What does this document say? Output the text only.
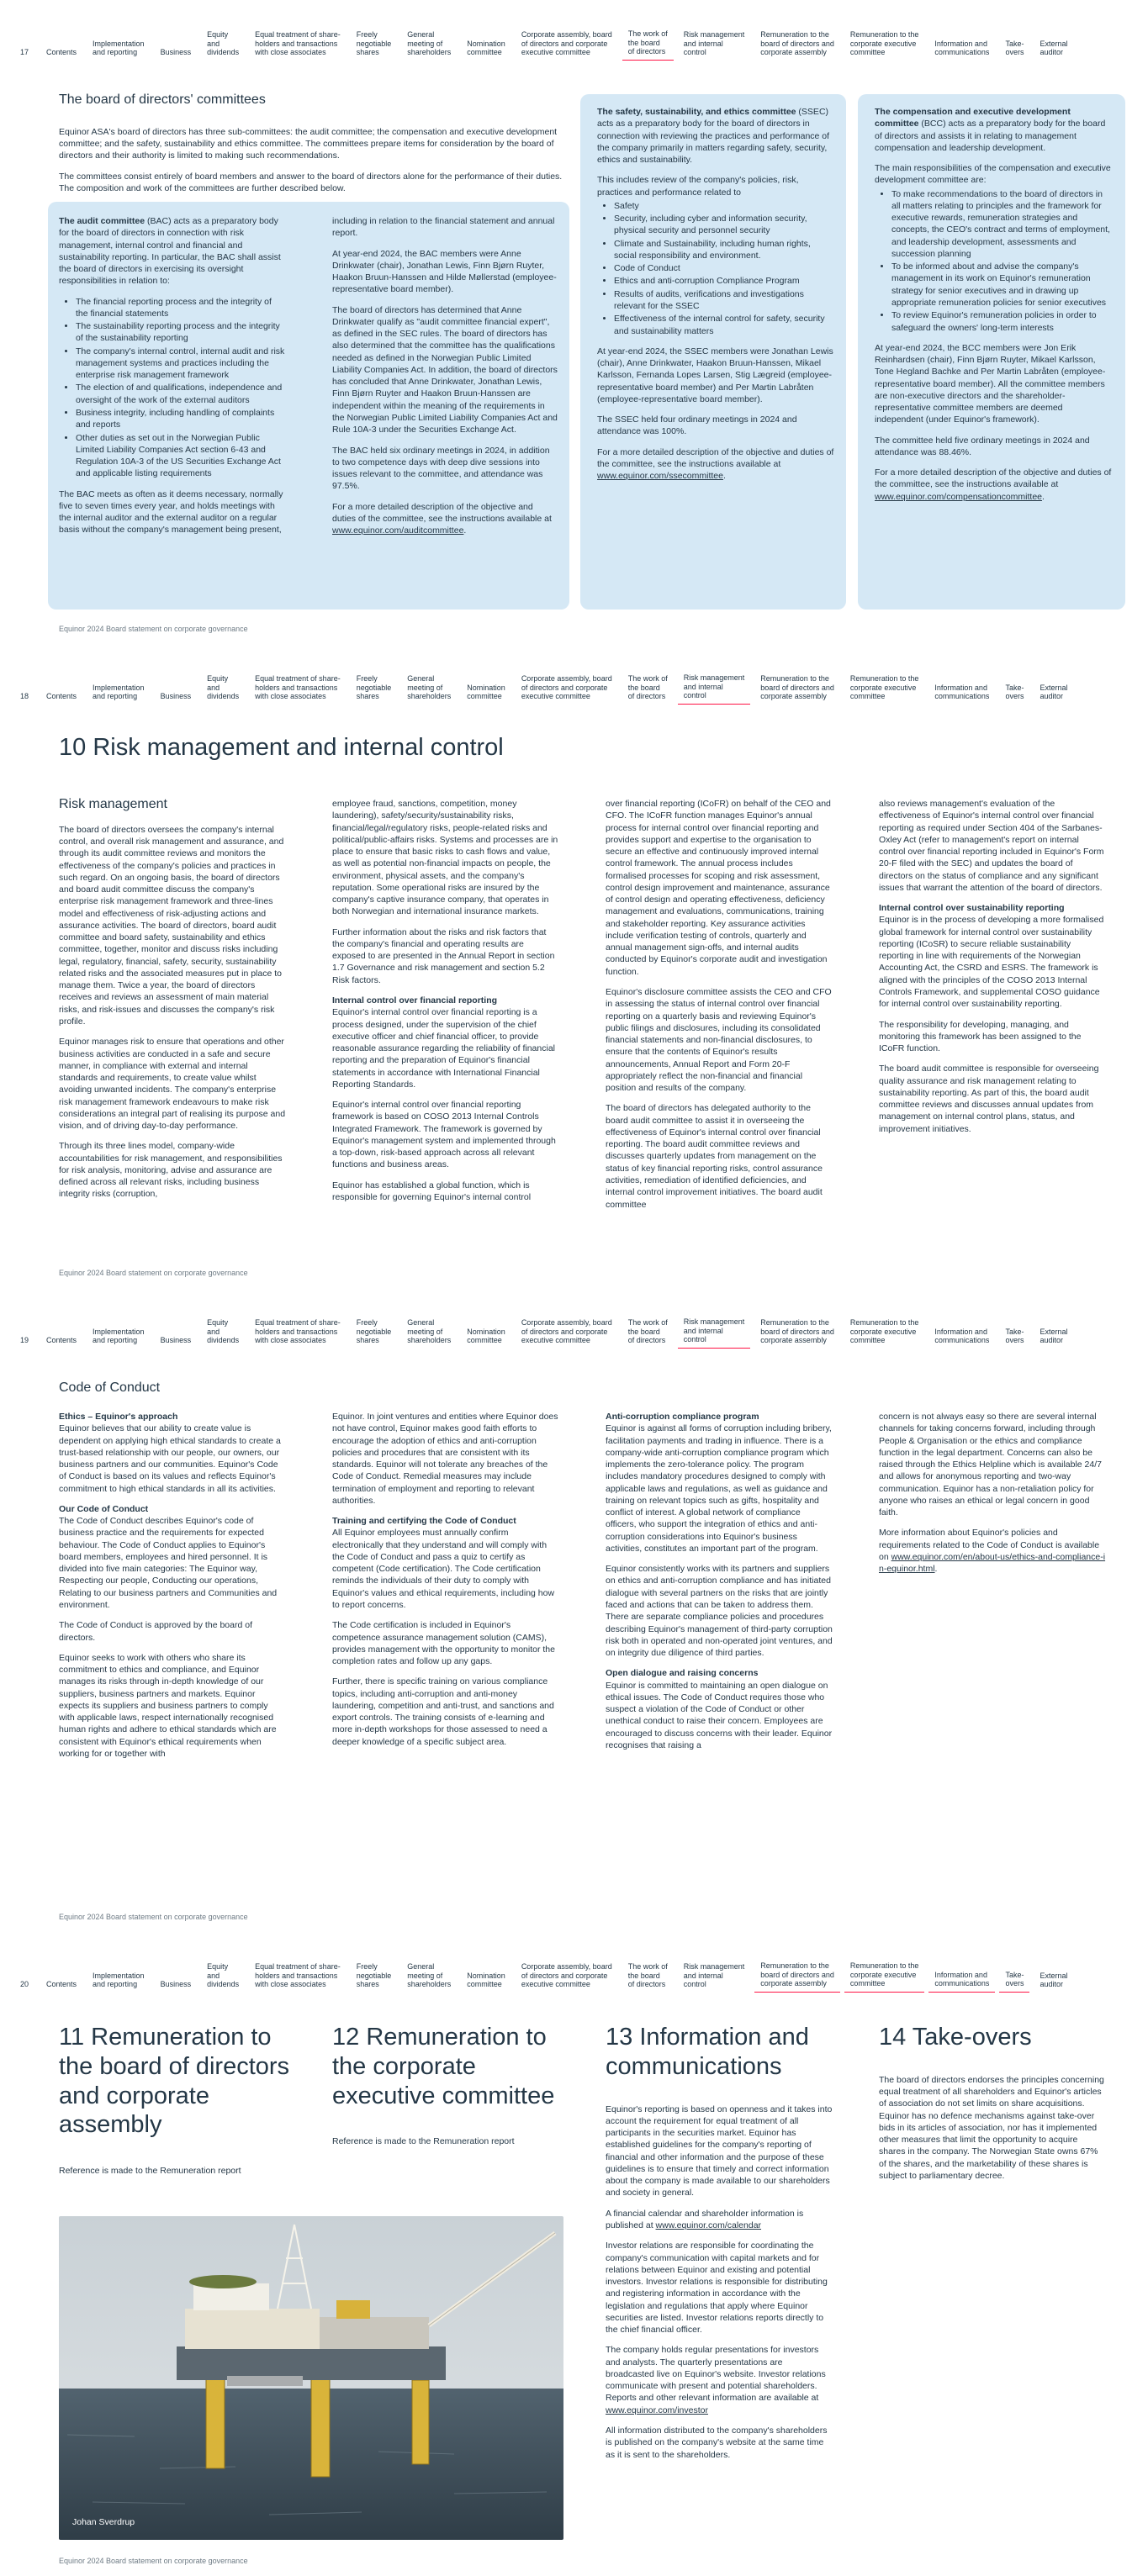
17	Contents
Implementation
and reporting	Business
Equity
and
dividends
Equal treatment of share-
holders and transactions
with close associates
Freely
negotiable
shares
General
meeting of
shareholders
Nomination
committee
Corporate assembly, board
of directors and corporate
executive committee
The work of
the board
of directors
Risk management
and internal
control
Remuneration to the
board of directors and
corporate assembly
Remuneration to the
corporate executive
committee
Information and
communications
Take-
overs
External
auditor
The board of directors' committees

Equinor ASA's board of directors has three sub-committees: the audit committee; the compensation and executive development committee; and the safety, sustainability and ethics committee. The committees prepare items for consideration by the board of directors and their authority is limited to making such recommendations.

The committees consist entirely of board members and answer to the board of directors alone for the performance of their duties. The composition and work of the committees are further described below.

The audit committee (BAC) acts as a preparatory body for the board of directors in connection with risk management, internal control and financial and sustainability reporting. In particular, the BAC shall assist the board of directors in exercising its oversight responsibilities in relation to:

• The financial reporting process and the integrity of the financial statements
• The sustainability reporting process and the integrity of the sustainability reporting
• The company's internal control, internal audit and risk management systems and practices including the enterprise risk management framework
• The election of and qualifications, independence and oversight of the work of the external auditors
• Business integrity, including handling of complaints and reports
• Other duties as set out in the Norwegian Public Limited Liability Companies Act section 6-43 and Regulation 10A-3 of the US Securities Exchange Act and applicable listing requirements

The BAC meets as often as it deems necessary, normally five to seven times every year, and holds meetings with the internal auditor and the external auditor on a regular basis without the company's management being present,

including in relation to the financial statement and annual report.

At year-end 2024, the BAC members were Anne Drinkwater (chair), Jonathan Lewis, Finn Bjørn Ruyter, Haakon Bruun-Hanssen and Hilde Møllerstad (employee-representative board member).

The board of directors has determined that Anne Drinkwater qualify as "audit committee financial expert", as defined in the SEC rules. The board of directors has also determined that the committee has the qualifications needed as defined in the Norwegian Public Limited Liability Companies Act. In addition, the board of directors has concluded that Anne Drinkwater, Jonathan Lewis, Finn Bjørn Ruyter and Haakon Bruun-Hanssen are independent within the meaning of the requirements in the Norwegian Public Limited Liability Companies Act and Rule 10A-3 under the Securities Exchange Act.

The BAC held six ordinary meetings in 2024, in addition to two competence days with deep dive sessions into issues relevant to the committee, and attendance was 97.5%.

For a more detailed description of the objective and duties of the committee, see the instructions available at www.equinor.com/auditcommittee.

The safety, sustainability, and ethics committee (SSEC) acts as a preparatory body for the board of directors in connection with reviewing the practices and performance of the company primarily in matters regarding safety, security, ethics and sustainability.

This includes review of the company's policies, risk, practices and performance related to

• Safety
• Security, including cyber and information security, physical security and personnel security
• Climate and Sustainability, including human rights, social responsibility and environment.
• Code of Conduct
• Ethics and anti-corruption Compliance Program
• Results of audits, verifications and investigations relevant for the SSEC
• Effectiveness of the internal control for safety, security and sustainability matters

At year-end 2024, the SSEC members were Jonathan Lewis (chair), Anne Drinkwater, Haakon Bruun-Hanssen, Mikael Karlsson, Fernanda Lopes Larsen, Stig Lægreid (employee-representative board member) and Per Martin Labråten (employee-representative board member).

The SSEC held four ordinary meetings in 2024 and attendance was 100%.

For a more detailed description of the objective and duties of the committee, see the instructions available at www.equinor.com/ssecommittee.

The compensation and executive development committee (BCC) acts as a preparatory body for the board of directors and assists it in relating to management compensation and leadership development.

The main responsibilities of the compensation and executive development committee are:

• To make recommendations to the board of directors in all matters relating to principles and the framework for executive rewards, remuneration strategies and concepts, the CEO's contract and terms of employment, and leadership development, assessments and succession planning
• To be informed about and advise the company's management in its work on Equinor's remuneration strategy for senior executives and in drawing up appropriate remuneration policies for senior executives
• To review Equinor's remuneration policies in order to safeguard the owners' long-term interests

At year-end 2024, the BCC members were Jon Erik Reinhardsen (chair), Finn Bjørn Ruyter, Mikael Karlsson, Tone Hegland Bachke and Per Martin Labråten (employee-representative board member). All the committee members are non-executive directors and the shareholder-representative committee members are deemed independent (under Equinor's framework).

The committee held five ordinary meetings in 2024 and attendance was 88.46%.

For a more detailed description of the objective and duties of the committee, see the instructions available at www.equinor.com/compensationcommittee.

Equinor 2024 Board statement on corporate governance
18	Contents
Implementation
and reporting	Business
Equity
and
dividends
Equal treatment of share-
holders and transactions
with close associates
Freely
negotiable
shares
General
meeting of
shareholders
Nomination
committee
Corporate assembly, board
of directors and corporate
executive committee
The work of
the board
of directors
Risk management
and internal
control
Remuneration to the
board of directors and
corporate assembly
Remuneration to the
corporate executive
committee
Information and
communications
Take-
overs
External
auditor
10 Risk management and internal control
Risk management

The board of directors oversees the company's internal control, and overall risk management and assurance, and through its audit committee reviews and monitors the effectiveness of the company's policies and practices in such regard. On an ongoing basis, the board of directors and board audit committee discuss the company's enterprise risk management framework and three-lines model and effectiveness of risk-adjusting actions and assurance activities. The board of directors, board audit committee and board safety, sustainability and ethics committee, together, monitor and discuss risks including legal, regulatory, financial, safety, security, sustainability related risks and the associated measures put in place to manage them. Twice a year, the board of directors receives and reviews an assessment of main material risks, and risk-issues and discusses the company's risk profile.

Equinor manages risk to ensure that operations and other business activities are conducted in a safe and secure manner, in compliance with external and internal standards and requirements, to create value whilst avoiding unwanted incidents. The company's enterprise risk management framework endeavours to make risk considerations an integral part of realising its purpose and vision, and of driving day-to-day performance.

Through its three lines model, company-wide accountabilities for risk management, and responsibilities for risk analysis, monitoring, advise and assurance are defined across all relevant risks, including business integrity risks (corruption,

employee fraud, sanctions, competition, money laundering), safety/security/sustainability risks, financial/legal/regulatory risks, people-related risks and political/public-affairs risks. Systems and processes are in place to ensure that basic risks to cash flows and value, as well as potential non-financial impacts on people, the environment, physical assets, and the company's reputation. Some operational risks are insured by the company's captive insurance company, that operates in both Norwegian and international insurance markets.

Further information about the risks and risk factors that the company's financial and operating results are exposed to are presented in the Annual Report in section 1.7 Governance and risk management and section 5.2 Risk factors.

Internal control over financial reporting

Equinor's internal control over financial reporting is a process designed, under the supervision of the chief executive officer and chief financial officer, to provide reasonable assurance regarding the reliability of financial reporting and the preparation of Equinor's financial statements in accordance with International Financial Reporting Standards.

Equinor's internal control over financial reporting framework is based on COSO 2013 Internal Controls Integrated Framework. The framework is governed by Equinor's management system and implemented through a top-down, risk-based approach across all relevant functions and business areas.

Equinor has established a global function, which is responsible for governing Equinor's internal control

over financial reporting (ICoFR) on behalf of the CEO and CFO. The ICoFR function manages Equinor's annual process for internal control over financial reporting and provides support and expertise to the organisation to secure an effective and continuously improved internal control framework. The annual process includes formalised processes for scoping and risk assessment, control design improvement and maintenance, assurance of control design and operating effectiveness, deficiency management and evaluations, communications, training and stakeholder reporting. Key assurance activities include verification testing of controls, quarterly and annual management sign-offs, and internal audits conducted by Equinor's corporate audit and investigation function.

Equinor's disclosure committee assists the CEO and CFO in assessing the status of internal control over financial reporting on a quarterly basis and reviewing Equinor's public filings and disclosures, including its consolidated financial statements and non-financial disclosures, to ensure that the contents of Equinor's results announcements, Annual Report and Form 20-F appropriately reflect the non-financial and financial position and results of the company.

The board of directors has delegated authority to the board audit committee to assist it in overseeing the effectiveness of Equinor's internal control over financial reporting. The board audit committee reviews and discusses quarterly updates from management on the status of key financial reporting risks, control assurance activities, remediation of identified deficiencies, and internal control improvement initiatives. The board audit committee

also reviews management's evaluation of the effectiveness of Equinor's internal control over financial reporting as required under Section 404 of the Sarbanes-Oxley Act (refer to management's report on internal control over financial reporting included in Equinor's Form 20-F filed with the SEC) and updates the board of directors on the status of compliance and any significant issues that warrant the attention of the board of directors.

Internal control over sustainability reporting

Equinor is in the process of developing a more formalised global framework for internal control over sustainability reporting (ICoSR) to secure reliable sustainability reporting in line with requirements of the Norwegian Accounting Act, the CSRD and ESRS. The framework is aligned with the principles of the COSO 2013 Internal Controls Framework, and supplemental COSO guidance for internal control over sustainability reporting.

The responsibility for developing, managing, and monitoring this framework has been assigned to the ICoFR function.

The board audit committee is responsible for overseeing quality assurance and risk management relating to sustainability reporting. As part of this, the board audit committee reviews and discusses annual updates from management on internal control plans, status, and improvement initiatives.

Equinor 2024 Board statement on corporate governance
19	Contents
Implementation
and reporting	Business
Equity
and
dividends
Equal treatment of share-
holders and transactions
with close associates
Freely
negotiable
shares
General
meeting of
shareholders
Nomination
committee
Corporate assembly, board
of directors and corporate
executive committee
The work of
the board
of directors
Risk management
and internal
control
Remuneration to the
board of directors and
corporate assembly
Remuneration to the
corporate executive
committee
Information and
communications
Take-
overs
External
auditor
Code of Conduct
Ethics – Equinor's approach

Equinor believes that our ability to create value is dependent on applying high ethical standards to create a trust-based relationship with our people, our owners, our business partners and our communities. Equinor's Code of Conduct is based on its values and reflects Equinor's commitment to high ethical standards in all its activities.

Our Code of Conduct

The Code of Conduct describes Equinor's code of business practice and the requirements for expected behaviour. The Code of Conduct applies to Equinor's board members, employees and hired personnel. It is divided into five main categories: The Equinor way, Respecting our people, Conducting our operations, Relating to our business partners and Communities and environment.

The Code of Conduct is approved by the board of directors.

Equinor seeks to work with others who share its commitment to ethics and compliance, and Equinor manages its risks through in-depth knowledge of our suppliers, business partners and markets. Equinor expects its suppliers and business partners to comply with applicable laws, respect internationally recognised human rights and adhere to ethical standards which are consistent with Equinor's ethical requirements when working for or together with

Equinor. In joint ventures and entities where Equinor does not have control, Equinor makes good faith efforts to encourage the adoption of ethics and anti-corruption policies and procedures that are consistent with its standards. Equinor will not tolerate any breaches of the Code of Conduct. Remedial measures may include termination of employment and reporting to relevant authorities.

Training and certifying the Code of Conduct

All Equinor employees must annually confirm electronically that they understand and will comply with the Code of Conduct and pass a quiz to certify as competent (Code certification). The Code certification reminds the individuals of their duty to comply with Equinor's values and ethical requirements, including how to report concerns.

The Code certification is included in Equinor's competence assurance management solution (CAMS), provides management with the opportunity to monitor the completion rates and follow up any gaps.

Further, there is specific training on various compliance topics, including anti-corruption and anti-money laundering, competition and anti-trust, and sanctions and export controls. The training consists of e-learning and more in-depth workshops for those assessed to need a deeper knowledge of a specific subject area.

Anti-corruption compliance program

Equinor is against all forms of corruption including bribery, facilitation payments and trading in influence. There is a company-wide anti-corruption compliance program which implements the zero-tolerance policy. The program includes mandatory procedures designed to comply with applicable laws and regulations, as well as guidance and training on relevant topics such as gifts, hospitality and conflict of interest. A global network of compliance officers, who support the integration of ethics and anti-corruption considerations into Equinor's business activities, constitutes an important part of the program.

Equinor consistently works with its partners and suppliers on ethics and anti-corruption compliance and has initiated dialogue with several partners on the risks that are jointly faced and actions that can be taken to address them. There are separate compliance policies and procedures describing Equinor's management of third-party corruption risk both in operated and non-operated joint ventures, and on integrity due diligence of third parties.

Open dialogue and raising concerns

Equinor is committed to maintaining an open dialogue on ethical issues. The Code of Conduct requires those who suspect a violation of the Code of Conduct or other unethical conduct to raise their concern. Employees are encouraged to discuss concerns with their leader. Equinor recognises that raising a

concern is not always easy so there are several internal channels for taking concerns forward, including through People & Organisation or the ethics and compliance function in the legal department. Concerns can also be raised through the Ethics Helpline which is available 24/7 and allows for anonymous reporting and two-way communication. Equinor has a non-retaliation policy for anyone who raises an ethical or legal concern in good faith.

More information about Equinor's policies and requirements related to the Code of Conduct is available on www.equinor.com/en/about-us/ethics-and-compliance-in-equinor.html.

Equinor 2024 Board statement on corporate governance
20	Contents
Implementation
and reporting	Business
Equity
and
dividends
Equal treatment of share-
holders and transactions
with close associates
Freely
negotiable
shares
General
meeting of
shareholders
Nomination
committee
Corporate assembly, board
of directors and corporate
executive committee
The work of
the board
of directors
Risk management
and internal
control
Remuneration to the
board of directors and
corporate assembly
Remuneration to the
corporate executive
committee
Information and
communications
Take-
overs
External
auditor
11 Remuneration to the board of directors and corporate assembly

Reference is made to the Remuneration report

12 Remuneration to the corporate executive committee

Reference is made to the Remuneration report

Johan Sverdrup
13 Information and communications

Equinor's reporting is based on openness and it takes into account the requirement for equal treatment of all participants in the securities market. Equinor has established guidelines for the company's reporting of financial and other information and the purpose of these guidelines is to ensure that timely and correct information about the company is made available to our shareholders and society in general.

A financial calendar and shareholder information is published at www.equinor.com/calendar

Investor relations are responsible for coordinating the company's communication with capital markets and for relations between Equinor and existing and potential investors. Investor relations is responsible for distributing and registering information in accordance with the legislation and regulations that apply where Equinor securities are listed. Investor relations reports directly to the chief financial officer.

The company holds regular presentations for investors and analysts. The quarterly presentations are broadcasted live on Equinor's website. Investor relations communicate with present and potential shareholders. Reports and other relevant information are available at www.equinor.com/investor

All information distributed to the company's shareholders is published on the company's website at the same time as it is sent to the shareholders.

14 Take-overs

The board of directors endorses the principles concerning equal treatment of all shareholders and Equinor's articles of association do not set limits on share acquisitions. Equinor has no defence mechanisms against take-over bids in its articles of association, nor has it implemented other measures that limit the opportunity to acquire shares in the company. The Norwegian State owns 67% of the shares, and the marketability of these shares is subject to parliamentary decree.

Equinor 2024 Board statement on corporate governance
